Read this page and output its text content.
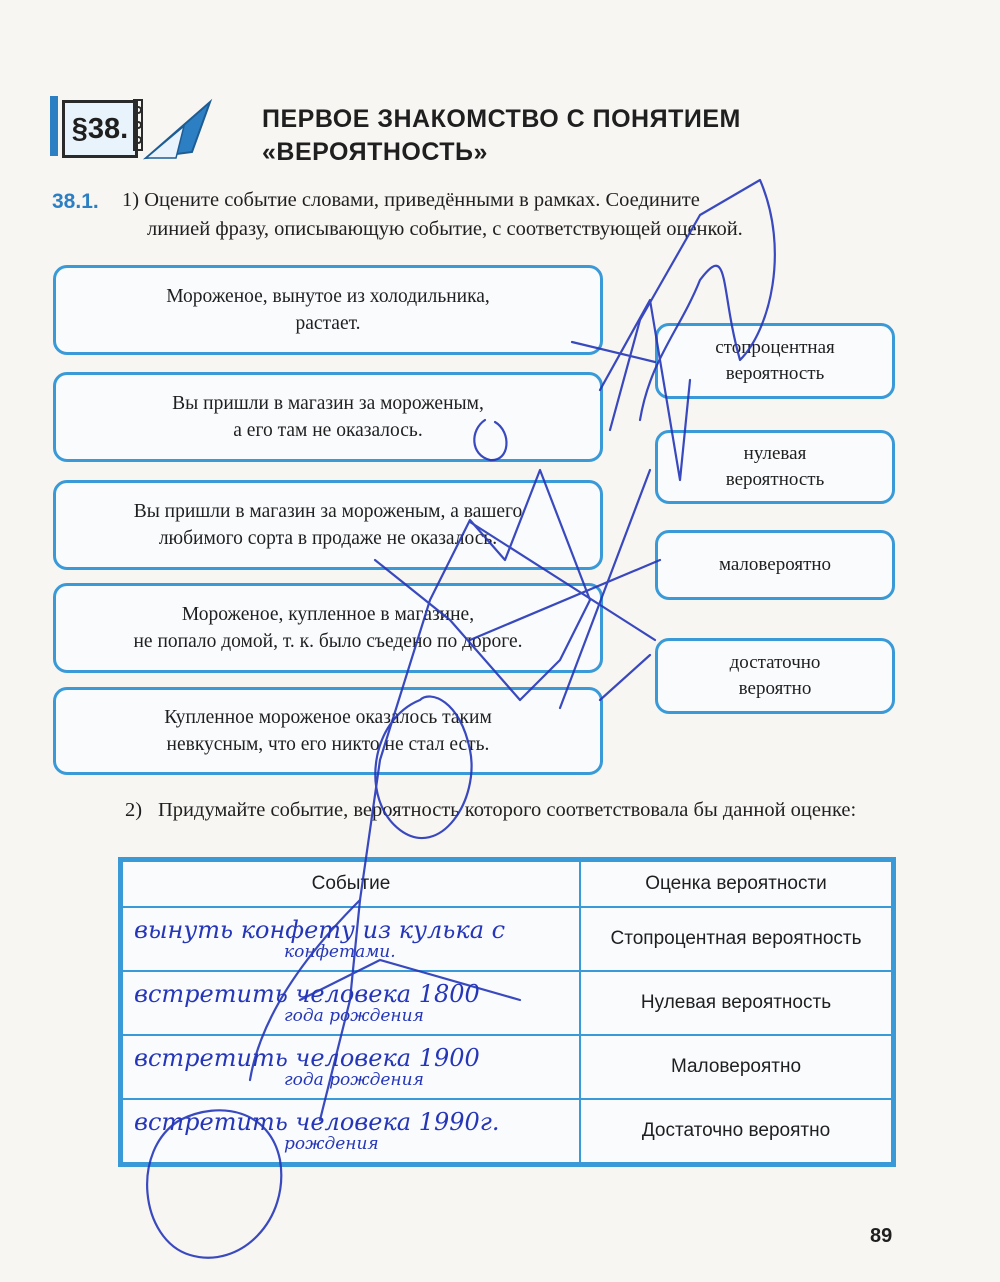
§38.	ПЕРВОЕ ЗНАКОМСТВО С ПОНЯТИЕМ
«ВЕРОЯТНОСТЬ»
38.1. 1) Оцените событие словами, приведёнными в рамках. Соедините
линией фразу, описывающую событие, с соответствующей оценкой.
Мороженое, вынутое из холодильника,
растает.
Вы пришли в магазин за мороженым,
а его там не оказалось.
Вы пришли в магазин за мороженым, а вашего
любимого сорта в продаже не оказалось.
Мороженое, купленное в магазине,
не попало домой, т. к. было съедено по дороге.
Купленное мороженое оказалось таким
невкусным, что его никто не стал есть.
стопроцентная
вероятность
нулевая
вероятность
маловероятно
достаточно
вероятно
2) Придумайте событие, вероятность которого соответствовала бы данной оценке:
Событие	Оценка вероятности

вынуть конфету из кулька с
конфетами.	Стопроцентная вероятность

встретить человека 1800
года рождения	Нулевая вероятность

встретить человека 1900
года рождения	Маловероятно

встретить человека 1990г.
рождения	Достаточно вероятно
89
